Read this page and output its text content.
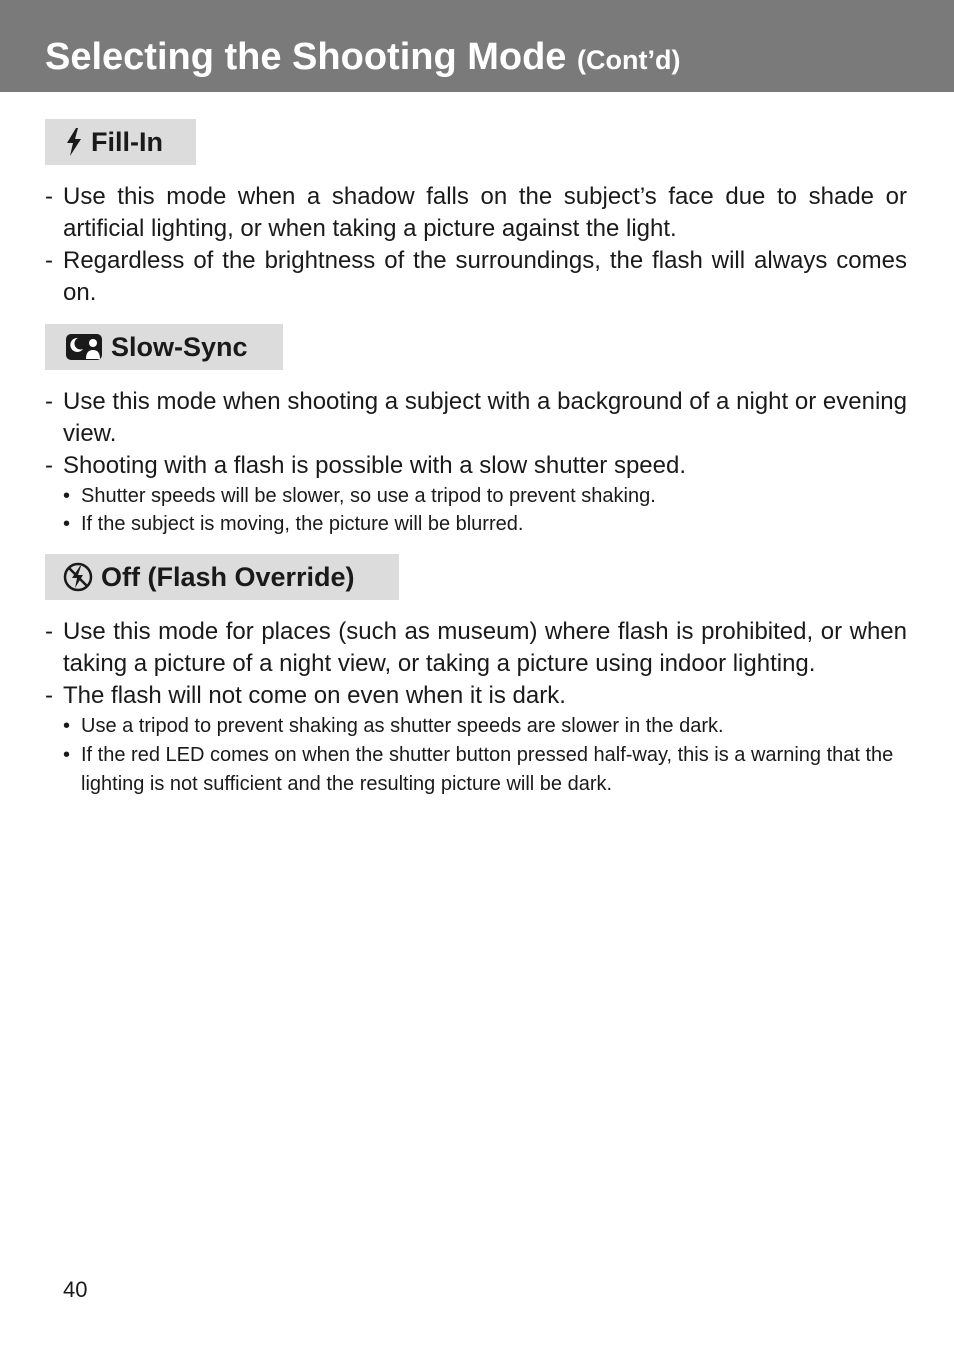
Selecting the Shooting Mode (Cont’d)
Fill-In
- Use this mode when a shadow falls on the subject’s face due to shade or artificial lighting, or when taking a picture against the light.
- Regardless of the brightness of the surroundings, the flash will always comes on.
Slow-Sync
- Use this mode when shooting a subject with a background of a night or evening view.
- Shooting with a flash is possible with a slow shutter speed.
• Shutter speeds will be slower, so use a tripod to prevent shaking.
• If the subject is moving, the picture will be blurred.
Off (Flash Override)
- Use this mode for places (such as museum) where flash is prohibited, or when taking a picture of a night view, or taking a picture using indoor lighting.
- The flash will not come on even when it is dark.
• Use a tripod to prevent shaking as shutter speeds are slower in the dark.
• If the red LED comes on when the shutter button pressed half-way, this is a warning that the lighting is not sufficient and the resulting picture will be dark.
40
